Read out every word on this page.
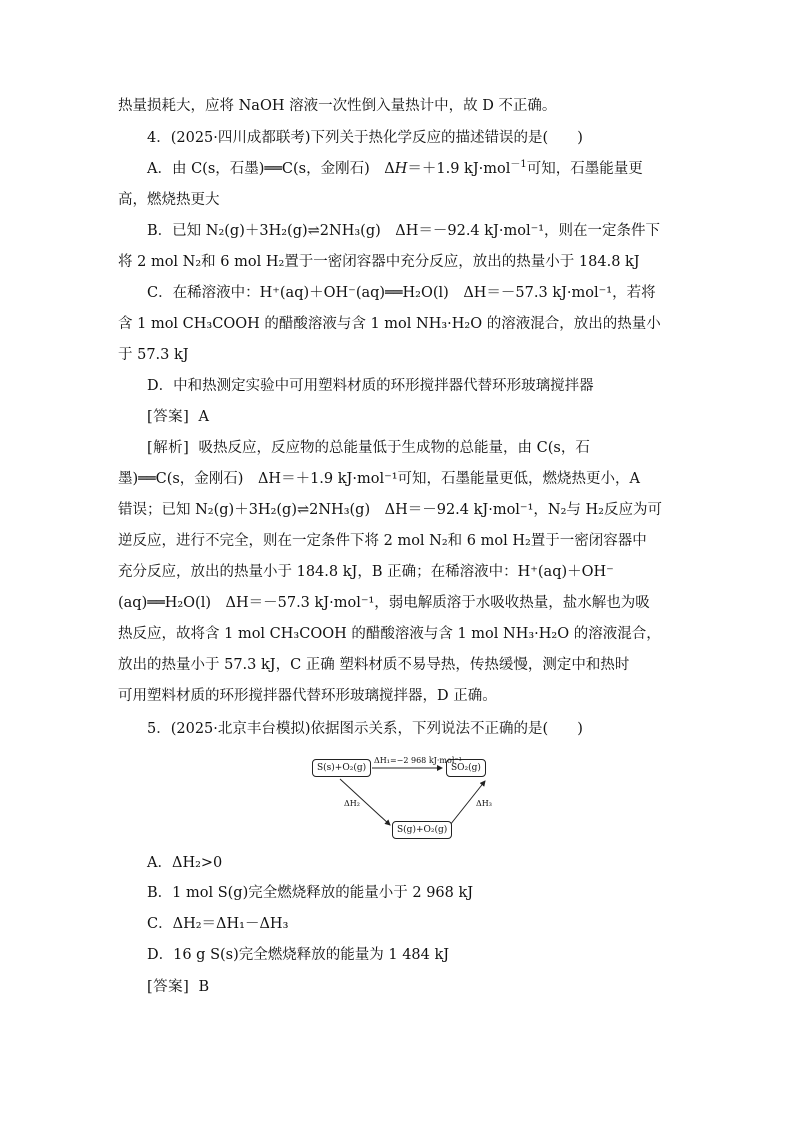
热量损耗大，应将 NaOH 溶液一次性倒入量热计中，故 D 不正确。
4．(2025·四川成都联考)下列关于热化学反应的描述错误的是(　　)
A．由 C(s，石墨)══C(s，金刚石)　ΔH＝＋1.9 kJ·mol$^{-1}$可知，石墨能量更
高，燃烧热更大
B．已知 N₂(g)＋3H₂(g)⇌2NH₃(g)　ΔH＝－92.4 kJ·mol⁻¹，则在一定条件下
将 2 mol N₂和 6 mol H₂置于一密闭容器中充分反应，放出的热量小于 184.8 kJ
C．在稀溶液中：H⁺(aq)＋OH⁻(aq)══H₂O(l)　ΔH＝－57.3 kJ·mol⁻¹，若将
含 1 mol CH₃COOH 的醋酸溶液与含 1 mol NH₃·H₂O 的溶液混合，放出的热量小
于 57.3 kJ
D．中和热测定实验中可用塑料材质的环形搅拌器代替环形玻璃搅拌器
[答案] A
[解析] 吸热反应，反应物的总能量低于生成物的总能量，由 C(s，石
墨)══C(s，金刚石)　ΔH＝＋1.9 kJ·mol⁻¹可知，石墨能量更低，燃烧热更小，A
错误；已知 N₂(g)＋3H₂(g)⇌2NH₃(g)　ΔH＝－92.4 kJ·mol⁻¹，N₂与 H₂反应为可
逆反应，进行不完全，则在一定条件下将 2 mol N₂和 6 mol H₂置于一密闭容器中
充分反应，放出的热量小于 184.8 kJ，B 正确；在稀溶液中：H⁺(aq)＋OH⁻
(aq)══H₂O(l)　ΔH＝－57.3 kJ·mol⁻¹，弱电解质溶于水吸收热量，盐水解也为吸
热反应，故将含 1 mol CH₃COOH 的醋酸溶液与含 1 mol NH₃·H₂O 的溶液混合，
放出的热量小于 57.3 kJ，C 正确 塑料材质不易导热，传热缓慢，测定中和热时
可用塑料材质的环形搅拌器代替环形玻璃搅拌器，D 正确。
5．(2025·北京丰台模拟)依据图示关系，下列说法不正确的是(　　)
S(s)+O₂(g)	SO₂(g)
S(g)+O₂(g)
ΔH₁=−2 968 kJ·mol⁻¹
ΔH₂	ΔH₃
A．ΔH₂>0
B．1 mol S(g)完全燃烧释放的能量小于 2 968 kJ
C．ΔH₂＝ΔH₁－ΔH₃
D．16 g S(s)完全燃烧释放的能量为 1 484 kJ
[答案] B
